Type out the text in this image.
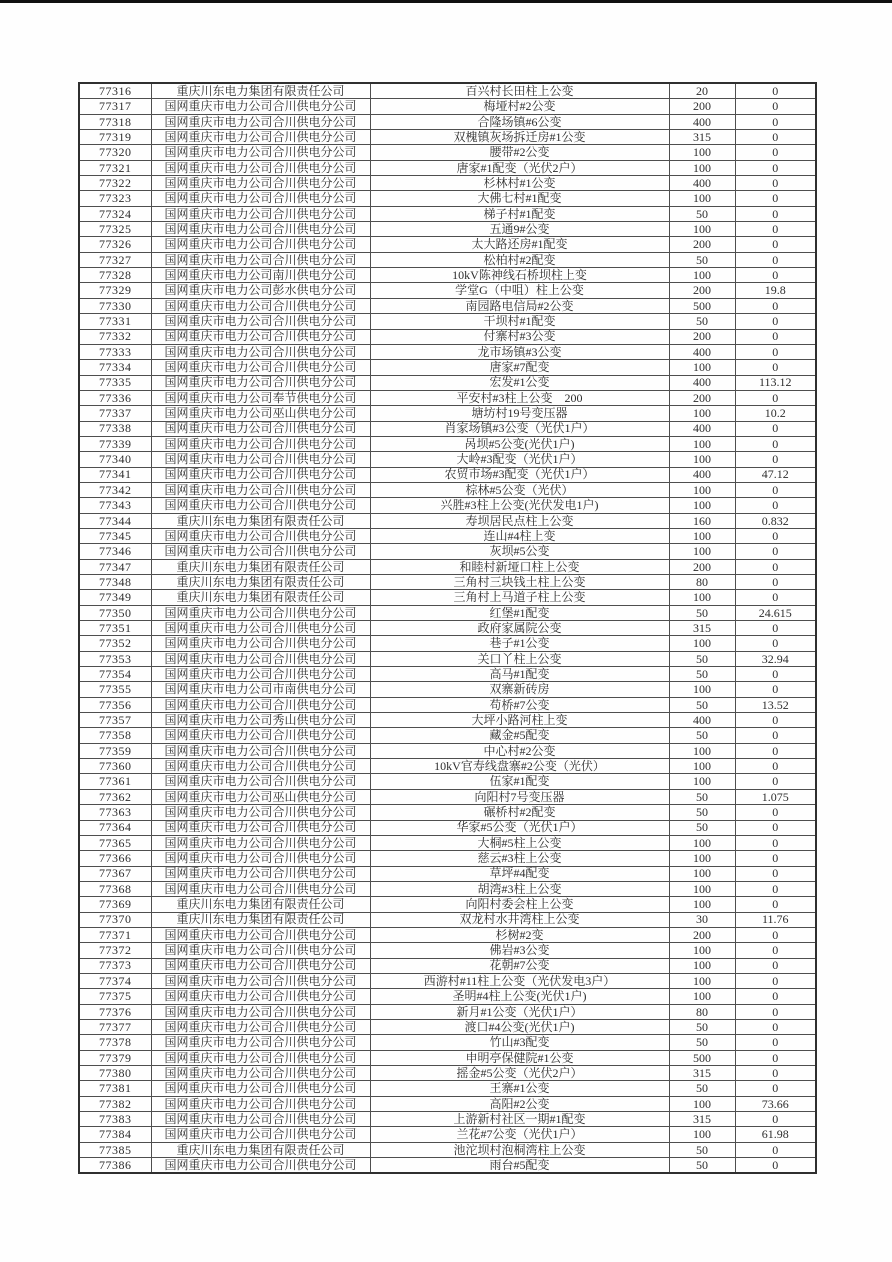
77316	重庆川东电力集团有限责任公司	百兴村长田柱上公变	20	0
77317	国网重庆市电力公司合川供电分公司	梅垭村#2公变	200	0
77318	国网重庆市电力公司合川供电分公司	合隆场镇#6公变	400	0
77319	国网重庆市电力公司合川供电分公司	双槐镇灰场拆迁房#1公变	315	0
77320	国网重庆市电力公司合川供电分公司	腰带#2公变	100	0
77321	国网重庆市电力公司合川供电分公司	唐家#1配变（光伏2户）	100	0
77322	国网重庆市电力公司合川供电分公司	杉林村#1公变	400	0
77323	国网重庆市电力公司合川供电分公司	大佛七村#1配变	100	0
77324	国网重庆市电力公司合川供电分公司	梯子村#1配变	50	0
77325	国网重庆市电力公司合川供电分公司	五通9#公变	100	0
77326	国网重庆市电力公司合川供电分公司	太大路还房#1配变	200	0
77327	国网重庆市电力公司合川供电分公司	松柏村#2配变	50	0
77328	国网重庆市电力公司南川供电分公司	10kV陈神线石桥坝柱上变	100	0
77329	国网重庆市电力公司彭水供电分公司	学堂G（中咀）柱上公变	200	19.8
77330	国网重庆市电力公司合川供电分公司	南园路电信局#2公变	500	0
77331	国网重庆市电力公司合川供电分公司	干坝村#1配变	50	0
77332	国网重庆市电力公司合川供电分公司	付寨村#3公变	200	0
77333	国网重庆市电力公司合川供电分公司	龙市场镇#3公变	400	0
77334	国网重庆市电力公司合川供电分公司	唐家#7配变	100	0
77335	国网重庆市电力公司合川供电分公司	宏发#1公变	400	113.12
77336	国网重庆市电力公司奉节供电分公司	平安村#3柱上公变　200	200	0
77337	国网重庆市电力公司巫山供电分公司	塘坊村19号变压器	100	10.2
77338	国网重庆市电力公司合川供电分公司	肖家场镇#3公变（光伏1户）	400	0
77339	国网重庆市电力公司合川供电分公司	呙坝#5公变(光伏1户)	100	0
77340	国网重庆市电力公司合川供电分公司	大岭#3配变（光伏1户）	100	0
77341	国网重庆市电力公司合川供电分公司	农贸市场#3配变（光伏1户）	400	47.12
77342	国网重庆市电力公司合川供电分公司	棕林#5公变（光伏）	100	0
77343	国网重庆市电力公司合川供电分公司	兴胜#3柱上公变(光伏发电1户)	100	0
77344	重庆川东电力集团有限责任公司	寿坝居民点柱上公变	160	0.832
77345	国网重庆市电力公司合川供电分公司	连山#4柱上变	100	0
77346	国网重庆市电力公司合川供电分公司	灰坝#5公变	100	0
77347	重庆川东电力集团有限责任公司	和睦村新垭口柱上公变	200	0
77348	重庆川东电力集团有限责任公司	三角村三块钱土柱上公变	80	0
77349	重庆川东电力集团有限责任公司	三角村上马道子柱上公变	100	0
77350	国网重庆市电力公司合川供电分公司	红堡#1配变	50	24.615
77351	国网重庆市电力公司合川供电分公司	政府家属院公变	315	0
77352	国网重庆市电力公司合川供电分公司	巷子#1公变	100	0
77353	国网重庆市电力公司合川供电分公司	关口丫柱上公变	50	32.94
77354	国网重庆市电力公司合川供电分公司	高马#1配变	50	0
77355	国网重庆市电力公司市南供电分公司	双寨新砖房	100	0
77356	国网重庆市电力公司合川供电分公司	苟桥#7公变	50	13.52
77357	国网重庆市电力公司秀山供电分公司	大坪小路河柱上变	400	0
77358	国网重庆市电力公司合川供电分公司	藏金#5配变	50	0
77359	国网重庆市电力公司合川供电分公司	中心村#2公变	100	0
77360	国网重庆市电力公司合川供电分公司	10kV官寿线盘寨#2公变（光伏）	100	0
77361	国网重庆市电力公司合川供电分公司	伍家#1配变	100	0
77362	国网重庆市电力公司巫山供电分公司	向阳村7号变压器	50	1.075
77363	国网重庆市电力公司合川供电分公司	碾桥村#2配变	50	0
77364	国网重庆市电力公司合川供电分公司	华家#5公变（光伏1户）	50	0
77365	国网重庆市电力公司合川供电分公司	大桐#5柱上公变	100	0
77366	国网重庆市电力公司合川供电分公司	慈云#3柱上公变	100	0
77367	国网重庆市电力公司合川供电分公司	草坪#4配变	100	0
77368	国网重庆市电力公司合川供电分公司	胡湾#3柱上公变	100	0
77369	重庆川东电力集团有限责任公司	向阳村委会柱上公变	100	0
77370	重庆川东电力集团有限责任公司	双龙村水井湾柱上公变	30	11.76
77371	国网重庆市电力公司合川供电分公司	杉树#2变	200	0
77372	国网重庆市电力公司合川供电分公司	佛岩#3公变	100	0
77373	国网重庆市电力公司合川供电分公司	花朝#7公变	100	0
77374	国网重庆市电力公司合川供电分公司	西游村#11柱上公变（光伏发电3户）	100	0
77375	国网重庆市电力公司合川供电分公司	圣明#4柱上公变(光伏1户)	100	0
77376	国网重庆市电力公司合川供电分公司	新月#1公变（光伏1户）	80	0
77377	国网重庆市电力公司合川供电分公司	渡口#4公变(光伏1户)	50	0
77378	国网重庆市电力公司合川供电分公司	竹山#3配变	50	0
77379	国网重庆市电力公司合川供电分公司	申明亭保健院#1公变	500	0
77380	国网重庆市电力公司合川供电分公司	摇金#5公变（光伏2户）	315	0
77381	国网重庆市电力公司合川供电分公司	王寨#1公变	50	0
77382	国网重庆市电力公司合川供电分公司	高阳#2公变	100	73.66
77383	国网重庆市电力公司合川供电分公司	上游新村社区一期#1配变	315	0
77384	国网重庆市电力公司合川供电分公司	兰花#7公变（光伏1户）	100	61.98
77385	重庆川东电力集团有限责任公司	池沱坝村泡桐湾柱上公变	50	0
77386	国网重庆市电力公司合川供电分公司	雨台#5配变	50	0
